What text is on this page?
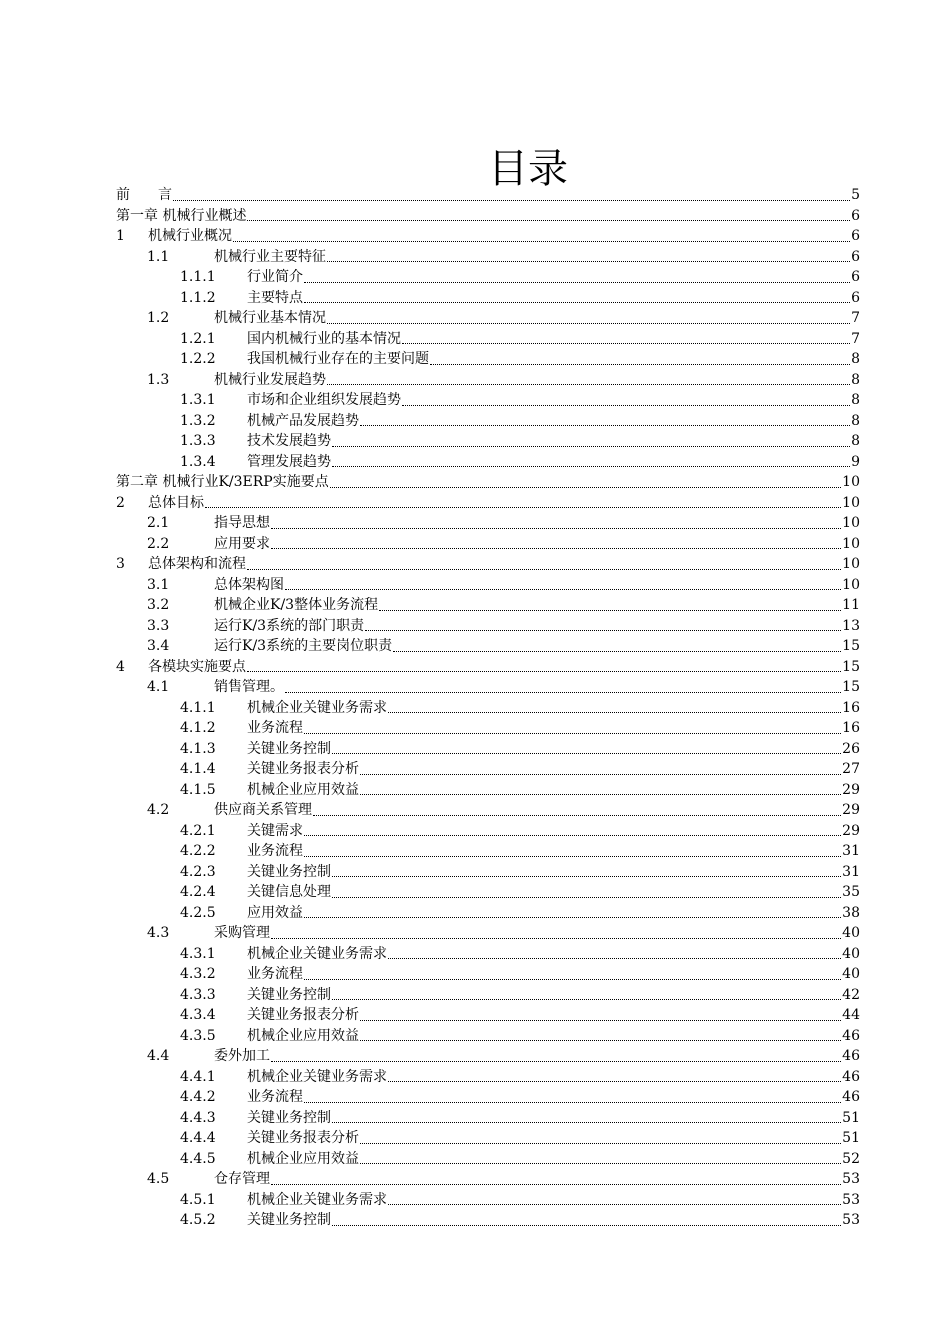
目录
前　　言	5
第一章 机械行业概述	6
1	机械行业概况	6
1.1	机械行业主要特征	6
1.1.1	行业简介	6
1.1.2	主要特点	6
1.2	机械行业基本情况	7
1.2.1	国内机械行业的基本情况	7
1.2.2	我国机械行业存在的主要问题	8
1.3	机械行业发展趋势	8
1.3.1	市场和企业组织发展趋势	8
1.3.2	机械产品发展趋势	8
1.3.3	技术发展趋势	8
1.3.4	管理发展趋势	9
第二章 机械行业K/3ERP实施要点	10
2	总体目标	10
2.1	指导思想	10
2.2	应用要求	10
3	总体架构和流程	10
3.1	总体架构图	10
3.2	机械企业K/3整体业务流程	11
3.3	运行K/3系统的部门职责	13
3.4	运行K/3系统的主要岗位职责	15
4	各模块实施要点	15
4.1	销售管理。	15
4.1.1	机械企业关键业务需求	16
4.1.2	业务流程	16
4.1.3	关键业务控制	26
4.1.4	关键业务报表分析	27
4.1.5	机械企业应用效益	29
4.2	供应商关系管理	29
4.2.1	关键需求	29
4.2.2	业务流程	31
4.2.3	关键业务控制	31
4.2.4	关键信息处理	35
4.2.5	应用效益	38
4.3	采购管理	40
4.3.1	机械企业关键业务需求	40
4.3.2	业务流程	40
4.3.3	关键业务控制	42
4.3.4	关键业务报表分析	44
4.3.5	机械企业应用效益	46
4.4	委外加工	46
4.4.1	机械企业关键业务需求	46
4.4.2	业务流程	46
4.4.3	关键业务控制	51
4.4.4	关键业务报表分析	51
4.4.5	机械企业应用效益	52
4.5	仓存管理	53
4.5.1	机械企业关键业务需求	53
4.5.2	关键业务控制	53
